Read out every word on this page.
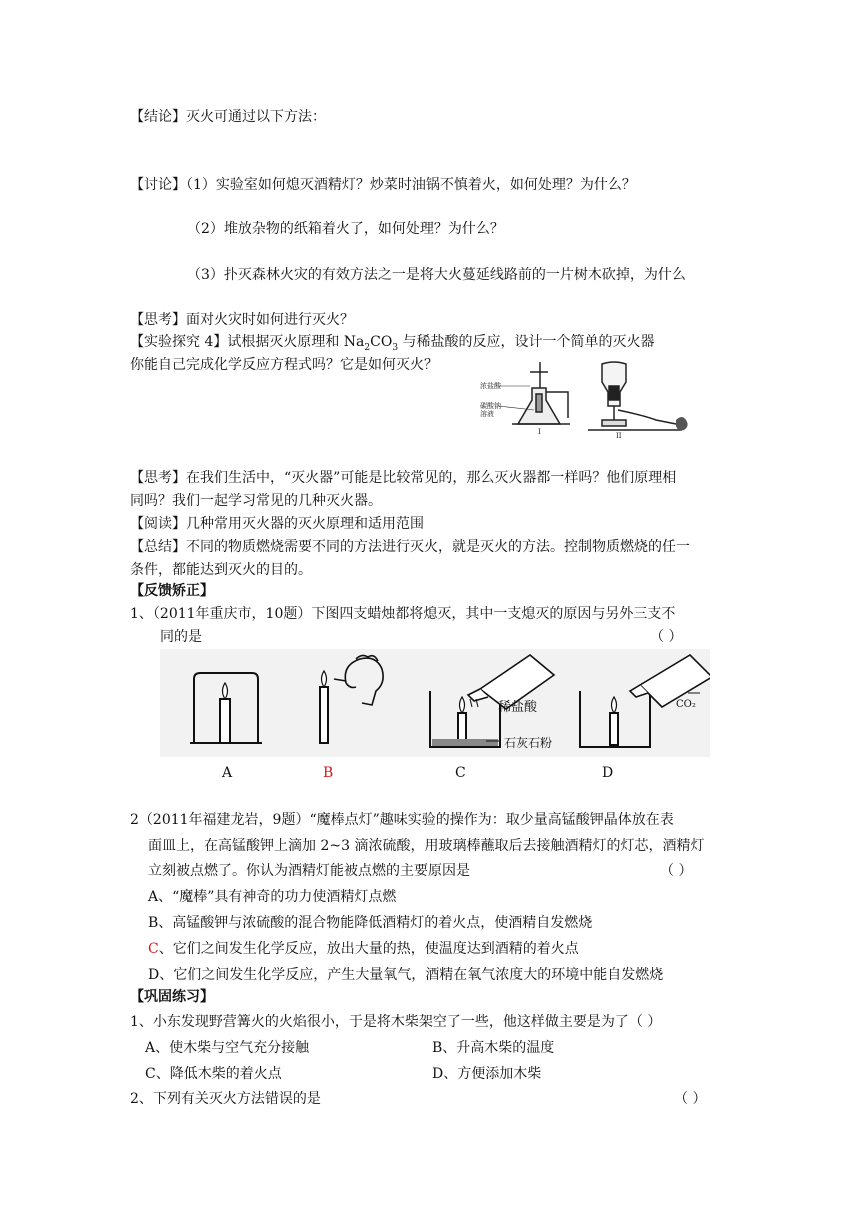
【结论】灭火可通过以下方法：
【讨论】（1）实验室如何熄灭酒精灯？炒菜时油锅不慎着火，如何处理？为什么？
（2）堆放杂物的纸箱着火了，如何处理？为什么？
（3）扑灭森林火灾的有效方法之一是将大火蔓延线路前的一片树木砍掉，为什么
【思考】面对火灾时如何进行灭火？
【实验探究 4】试根据灭火原理和 $Na_2CO_3$ 与稀盐酸的反应，设计一个简单的灭火器
你能自己完成化学反应方程式吗？它是如何灭火？
浓盐酸
碳酸钠
溶液
I	II
【思考】在我们生活中，“灭火器”可能是比较常见的，那么灭火器都一样吗？他们原理相
同吗？我们一起学习常见的几种灭火器。
【阅读】几种常用灭火器的灭火原理和适用范围
【总结】不同的物质燃烧需要不同的方法进行灭火，就是灭火的方法。控制物质燃烧的任一
条件，都能达到灭火的目的。
【反馈矫正】
1、（2011年重庆市，10题）下图四支蜡烛都将熄灭，其中一支熄灭的原因与另外三支不
同的是	（ ）
稀盐酸
石灰石粉
CO₂
A	B	C	D
2（2011年福建龙岩，9题）“魔棒点灯”趣味实验的操作为：取少量高锰酸钾晶体放在表
面皿上，在高锰酸钾上滴加 2~3 滴浓硫酸，用玻璃棒蘸取后去接触酒精灯的灯芯，酒精灯
立刻被点燃了。你认为酒精灯能被点燃的主要原因是	（ ）
A、“魔棒”具有神奇的功力使酒精灯点燃
B、高锰酸钾与浓硫酸的混合物能降低酒精灯的着火点，使酒精自发燃烧
C、它们之间发生化学反应，放出大量的热，使温度达到酒精的着火点
D、它们之间发生化学反应，产生大量氧气，酒精在氧气浓度大的环境中能自发燃烧
【巩固练习】
1、小东发现野营篝火的火焰很小，于是将木柴架空了一些，他这样做主要是为了（ ）
A、使木柴与空气充分接触	B、升高木柴的温度
C、降低木柴的着火点	D、方便添加木柴
2、下列有关灭火方法错误的是	（ ）
